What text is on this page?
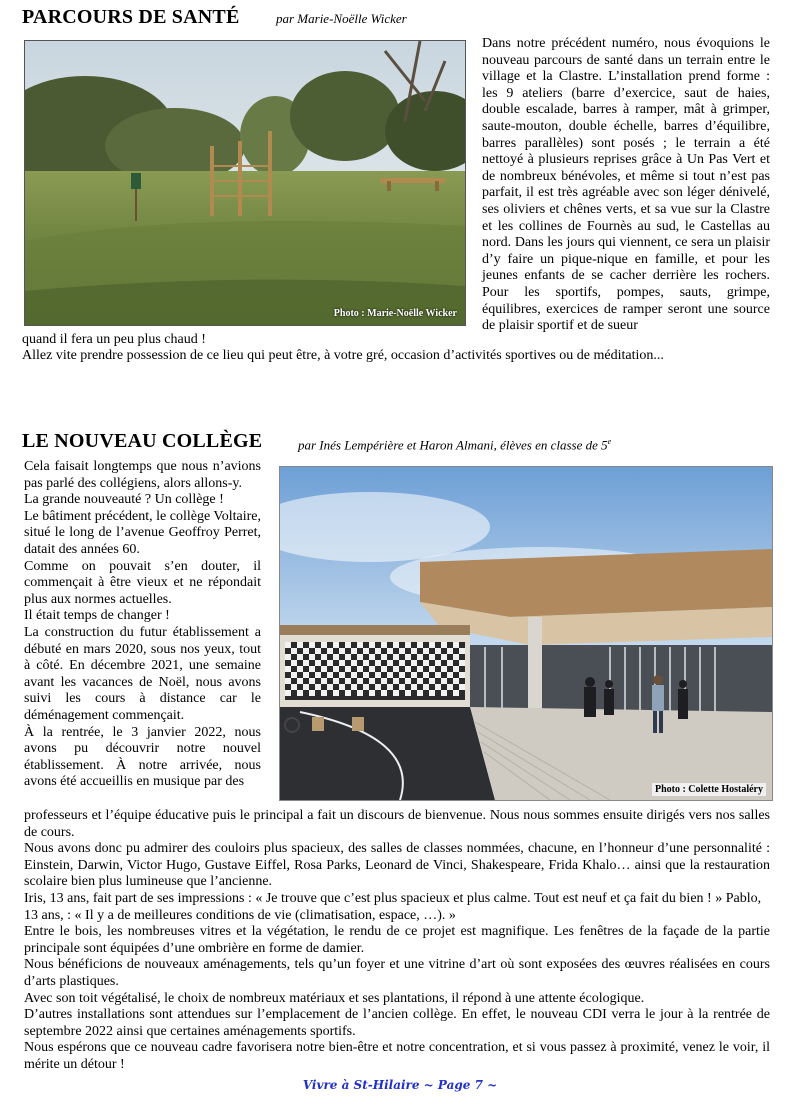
PARCOURS DE SANTÉ	par Marie-Noëlle Wicker
Photo : Marie-Noëlle Wicker

Dans notre précédent numéro, nous évoquions le nouveau parcours de santé dans un terrain entre le village et la Clastre. L’installation prend forme : les 9 ateliers (barre d’exercice, saut de haies, double escalade, barres à ramper, mât à grimper, saute-mouton, double échelle, barres d’équilibre, barres parallèles) sont posés ; le terrain a été nettoyé à plusieurs reprises grâce à Un Pas Vert et de nombreux bénévoles, et même si tout n’est pas parfait, il est très agréable avec son léger dénivelé, ses oliviers et chênes verts, et sa vue sur la Clastre et les collines de Fournès au sud, le Castellas au nord. Dans les jours qui viennent, ce sera un plaisir d’y faire un pique-nique en famille, et pour les jeunes enfants de se cacher derrière les rochers. Pour les sportifs, pompes, sauts, grimpe, équilibres, exercices de ramper seront une source de plaisir sportif et de sueur

quand il fera un peu plus chaud !

Allez vite prendre possession de ce lieu qui peut être, à votre gré, occasion d’activités sportives ou de méditation...

LE NOUVEAU COLLÈGE	par Inés Lempérière et Haron Almani, élèves en classe de 5e

Cela faisait longtemps que nous n’avions pas parlé des collégiens, alors allons-y.

La grande nouveauté ? Un collège !

Le bâtiment précédent, le collège Voltaire, situé le long de l’avenue Geoffroy Perret, datait des années 60.

Comme on pouvait s’en douter, il commençait à être vieux et ne répondait plus aux normes actuelles.

Il était temps de changer !

La construction du futur établissement a débuté en mars 2020, sous nos yeux, tout à côté. En décembre 2021, une semaine avant les vacances de Noël, nous avons suivi les cours à distance car le déménagement commençait.

À la rentrée, le 3 janvier 2022, nous avons pu découvrir notre nouvel établissement. À notre arrivée, nous avons été accueillis en musique par des

Photo : Colette Hostaléry

professeurs et l’équipe éducative puis le principal a fait un discours de bienvenue. Nous nous sommes ensuite dirigés vers nos salles de cours.

Nous avons donc pu admirer des couloirs plus spacieux, des salles de classes nommées, chacune, en l’honneur d’une personnalité : Einstein, Darwin, Victor Hugo, Gustave Eiffel, Rosa Parks, Leonard de Vinci, Shakespeare, Frida Khalo… ainsi que la restauration scolaire bien plus lumineuse que l’ancienne.

Iris, 13 ans, fait part de ses impressions : « Je trouve que c’est plus spacieux et plus calme. Tout est neuf et ça fait du bien ! » Pablo, 13 ans, : « Il y a de meilleures conditions de vie (climatisation, espace, …). »

Entre le bois, les nombreuses vitres et la végétation, le rendu de ce projet est magnifique. Les fenêtres de la façade de la partie principale sont équipées d’une ombrière en forme de damier.

Nous bénéficions de nouveaux aménagements, tels qu’un foyer et une vitrine d’art où sont exposées des œuvres réalisées en cours d’arts plastiques.

Avec son toit végétalisé, le choix de nombreux matériaux et ses plantations, il répond à une attente écologique.

D’autres installations sont attendues sur l’emplacement de l’ancien collège. En effet, le nouveau CDI verra le jour à la rentrée de septembre 2022 ainsi que certaines aménagements sportifs.

Nous espérons que ce nouveau cadre favorisera notre bien-être et notre concentration, et si vous passez à proximité, venez le voir, il mérite un détour !

Vivre à St-Hilaire ~ Page 7 ~
